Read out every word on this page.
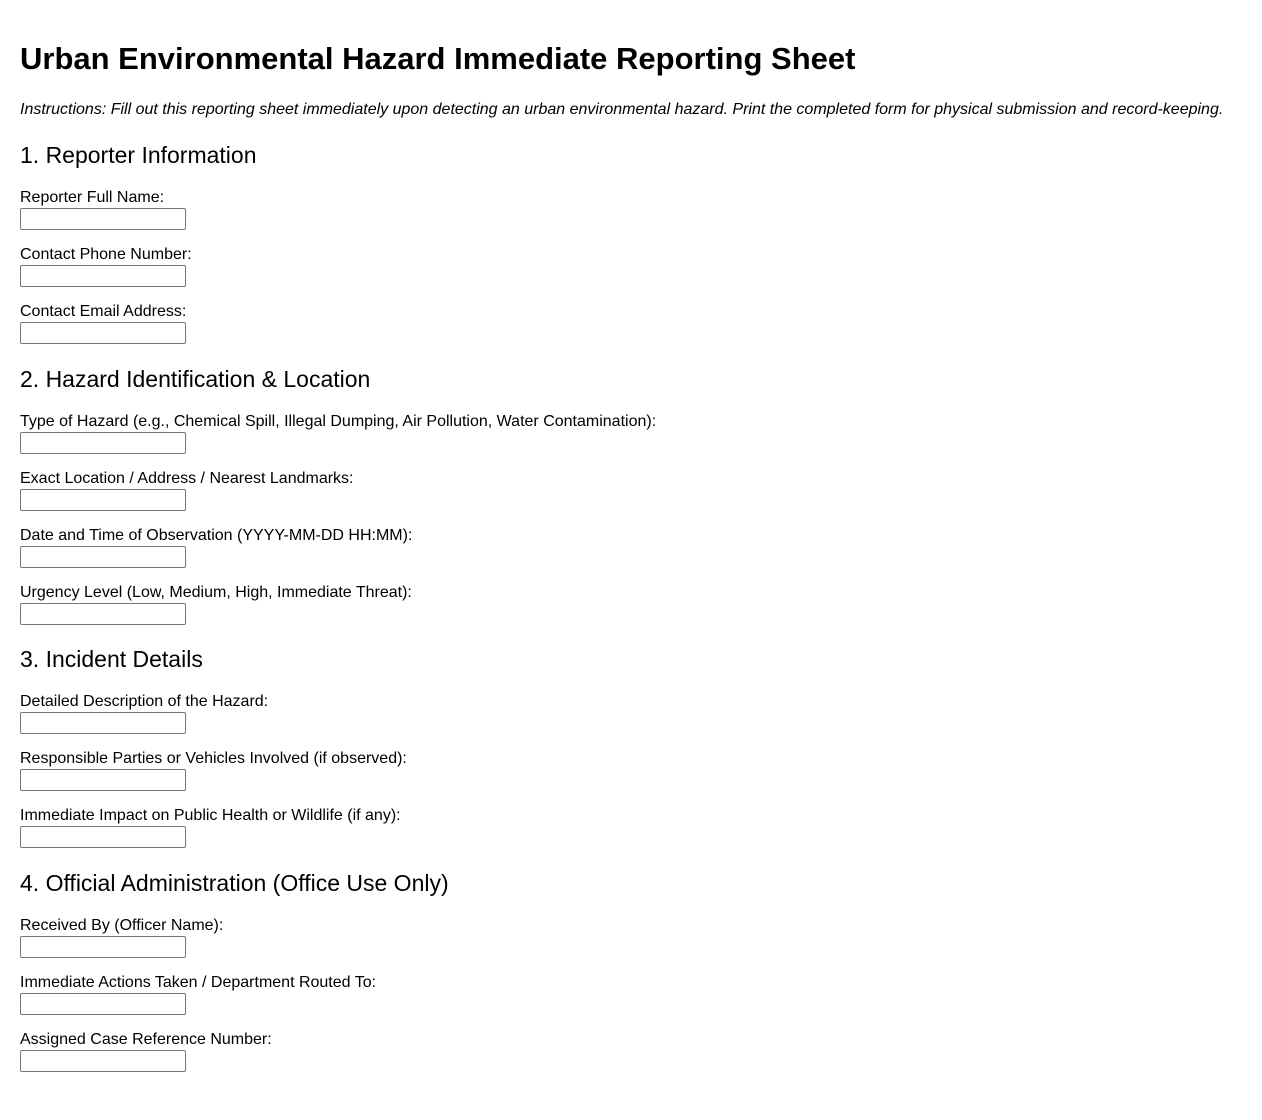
Urban Environmental Hazard Immediate Reporting Sheet

Instructions: Fill out this reporting sheet immediately upon detecting an urban environmental hazard. Print the completed form for physical submission and record-keeping.

1. Reporter Information
Reporter Full Name:
Contact Phone Number:
Contact Email Address:
2. Hazard Identification & Location
Type of Hazard (e.g., Chemical Spill, Illegal Dumping, Air Pollution, Water Contamination):
Exact Location / Address / Nearest Landmarks:
Date and Time of Observation (YYYY-MM-DD HH:MM):
Urgency Level (Low, Medium, High, Immediate Threat):
3. Incident Details
Detailed Description of the Hazard:
Responsible Parties or Vehicles Involved (if observed):
Immediate Impact on Public Health or Wildlife (if any):
4. Official Administration (Office Use Only)
Received By (Officer Name):
Immediate Actions Taken / Department Routed To:
Assigned Case Reference Number:
